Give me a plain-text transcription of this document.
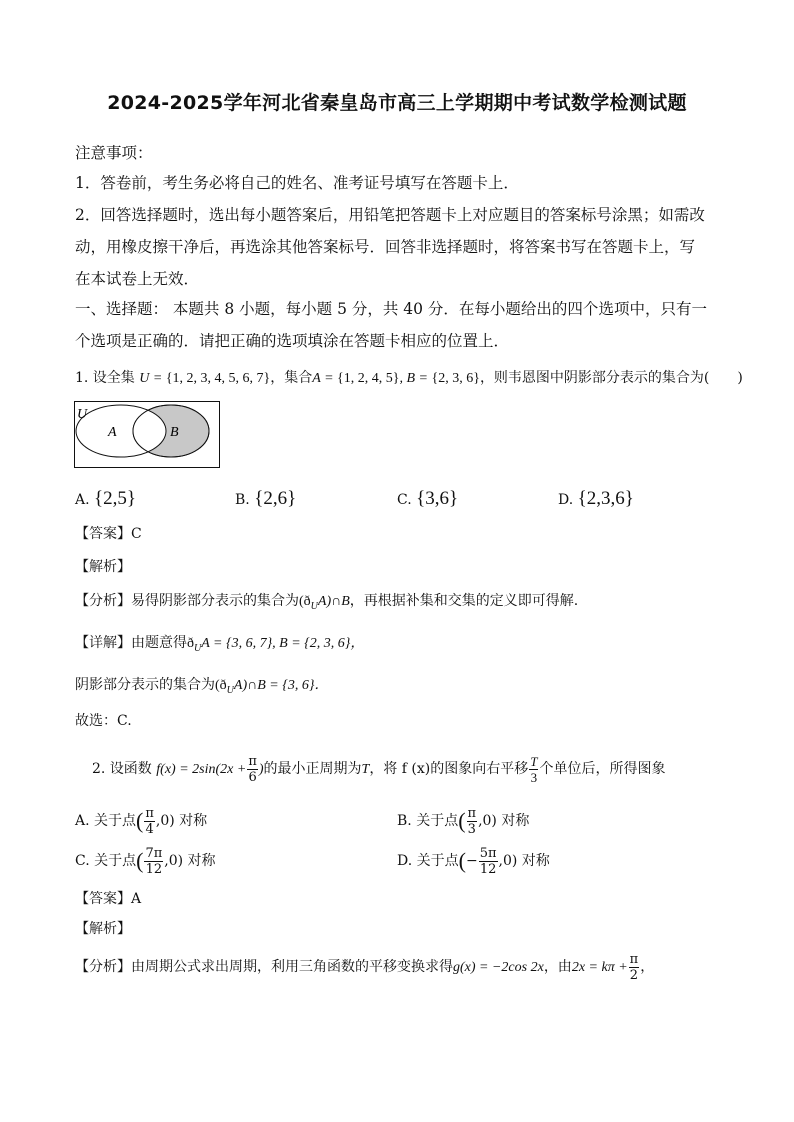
2024-2025学年河北省秦皇岛市高三上学期期中考试数学检测试题
注意事项：
1．答卷前，考生务必将自己的姓名、准考证号填写在答题卡上．
2．回答选择题时，选出每小题答案后，用铅笔把答题卡上对应题目的答案标号涂黑；如需改
动，用橡皮擦干净后，再选涂其他答案标号．回答非选择题时，将答案书写在答题卡上，写
在本试卷上无效．
一、选择题： 本题共 8 小题，每小题 5 分，共 40 分．在每小题给出的四个选项中，只有一
个选项是正确的．请把正确的选项填涂在答题卡相应的位置上．
1. 设全集 U = {1, 2, 3, 4, 5, 6, 7}，集合A = {1, 2, 4, 5}, B = {2, 3, 6}，则韦恩图中阴影部分表示的集合为(　　)
U
A	B
A. {2,5}	B. {2,6}	C. {3,6}	D. {2,3,6}
【答案】C
【解析】
【分析】易得阴影部分表示的集合为$(ð_UA)\cap B$，再根据补集和交集的定义即可得解.
【详解】由题意得$ð_UA = \{3$, 6, 7}, B = {2, 3, 6}，
阴影部分表示的集合为$(ð_UA)\cap B = \{3$, 6}．
故选：C.
2. 设函数 $f(x) = 2\sin(2x + \frac{\pi}{6}$ )的最小正周期为T，将 f (x)的图象向右平移 $\frac{T}{3}$ 个单位后，所得图象
A. 关于点( $\frac{\pi}{4} ,0$) 对称	B. 关于点( $\frac{\pi}{3} ,0$) 对称
C. 关于点( $\frac{7\pi}{12} ,0$) 对称	D. 关于点(− $\frac{5\pi}{12} ,0$) 对称
【答案】A
【解析】
【分析】由周期公式求出周期，利用三角函数的平移变换求得g(x) = −2cos 2x，由$2x = k\pi + \frac{\pi}{2}$ ，
